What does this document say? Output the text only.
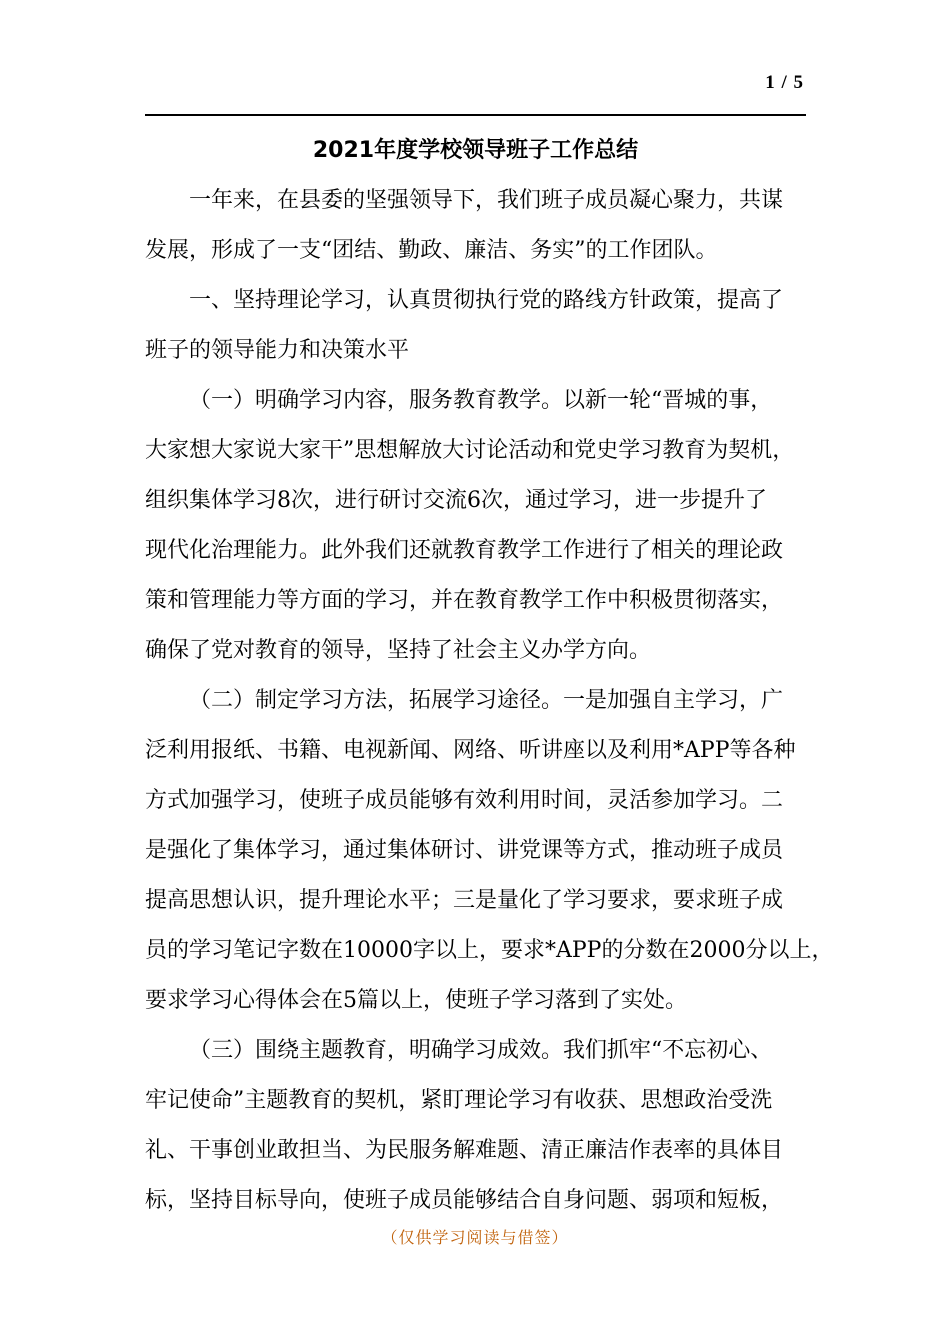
1 / 5
2021年度学校领导班子工作总结

一年来，在县委的坚强领导下，我们班子成员凝心聚力，共谋
发展，形成了一支“团结、勤政、廉洁、务实”的工作团队。

一、坚持理论学习，认真贯彻执行党的路线方针政策，提高了
班子的领导能力和决策水平

（一）明确学习内容，服务教育教学。以新一轮“晋城的事，
大家想大家说大家干”思想解放大讨论活动和党史学习教育为契机，
组织集体学习8次，进行研讨交流6次，通过学习，进一步提升了
现代化治理能力。此外我们还就教育教学工作进行了相关的理论政
策和管理能力等方面的学习，并在教育教学工作中积极贯彻落实，
确保了党对教育的领导，坚持了社会主义办学方向。

（二）制定学习方法，拓展学习途径。一是加强自主学习，广
泛利用报纸、书籍、电视新闻、网络、听讲座以及利用*APP等各种
方式加强学习，使班子成员能够有效利用时间，灵活参加学习。二
是强化了集体学习，通过集体研讨、讲党课等方式，推动班子成员
提高思想认识，提升理论水平；三是量化了学习要求，要求班子成
员的学习笔记字数在10000字以上，要求*APP的分数在2000分以上，
要求学习心得体会在5篇以上，使班子学习落到了实处。

（三）围绕主题教育，明确学习成效。我们抓牢“不忘初心、
牢记使命”主题教育的契机，紧盯理论学习有收获、思想政治受洗
礼、干事创业敢担当、为民服务解难题、清正廉洁作表率的具体目
标，坚持目标导向，使班子成员能够结合自身问题、弱项和短板，

（仅供学习阅读与借签）
